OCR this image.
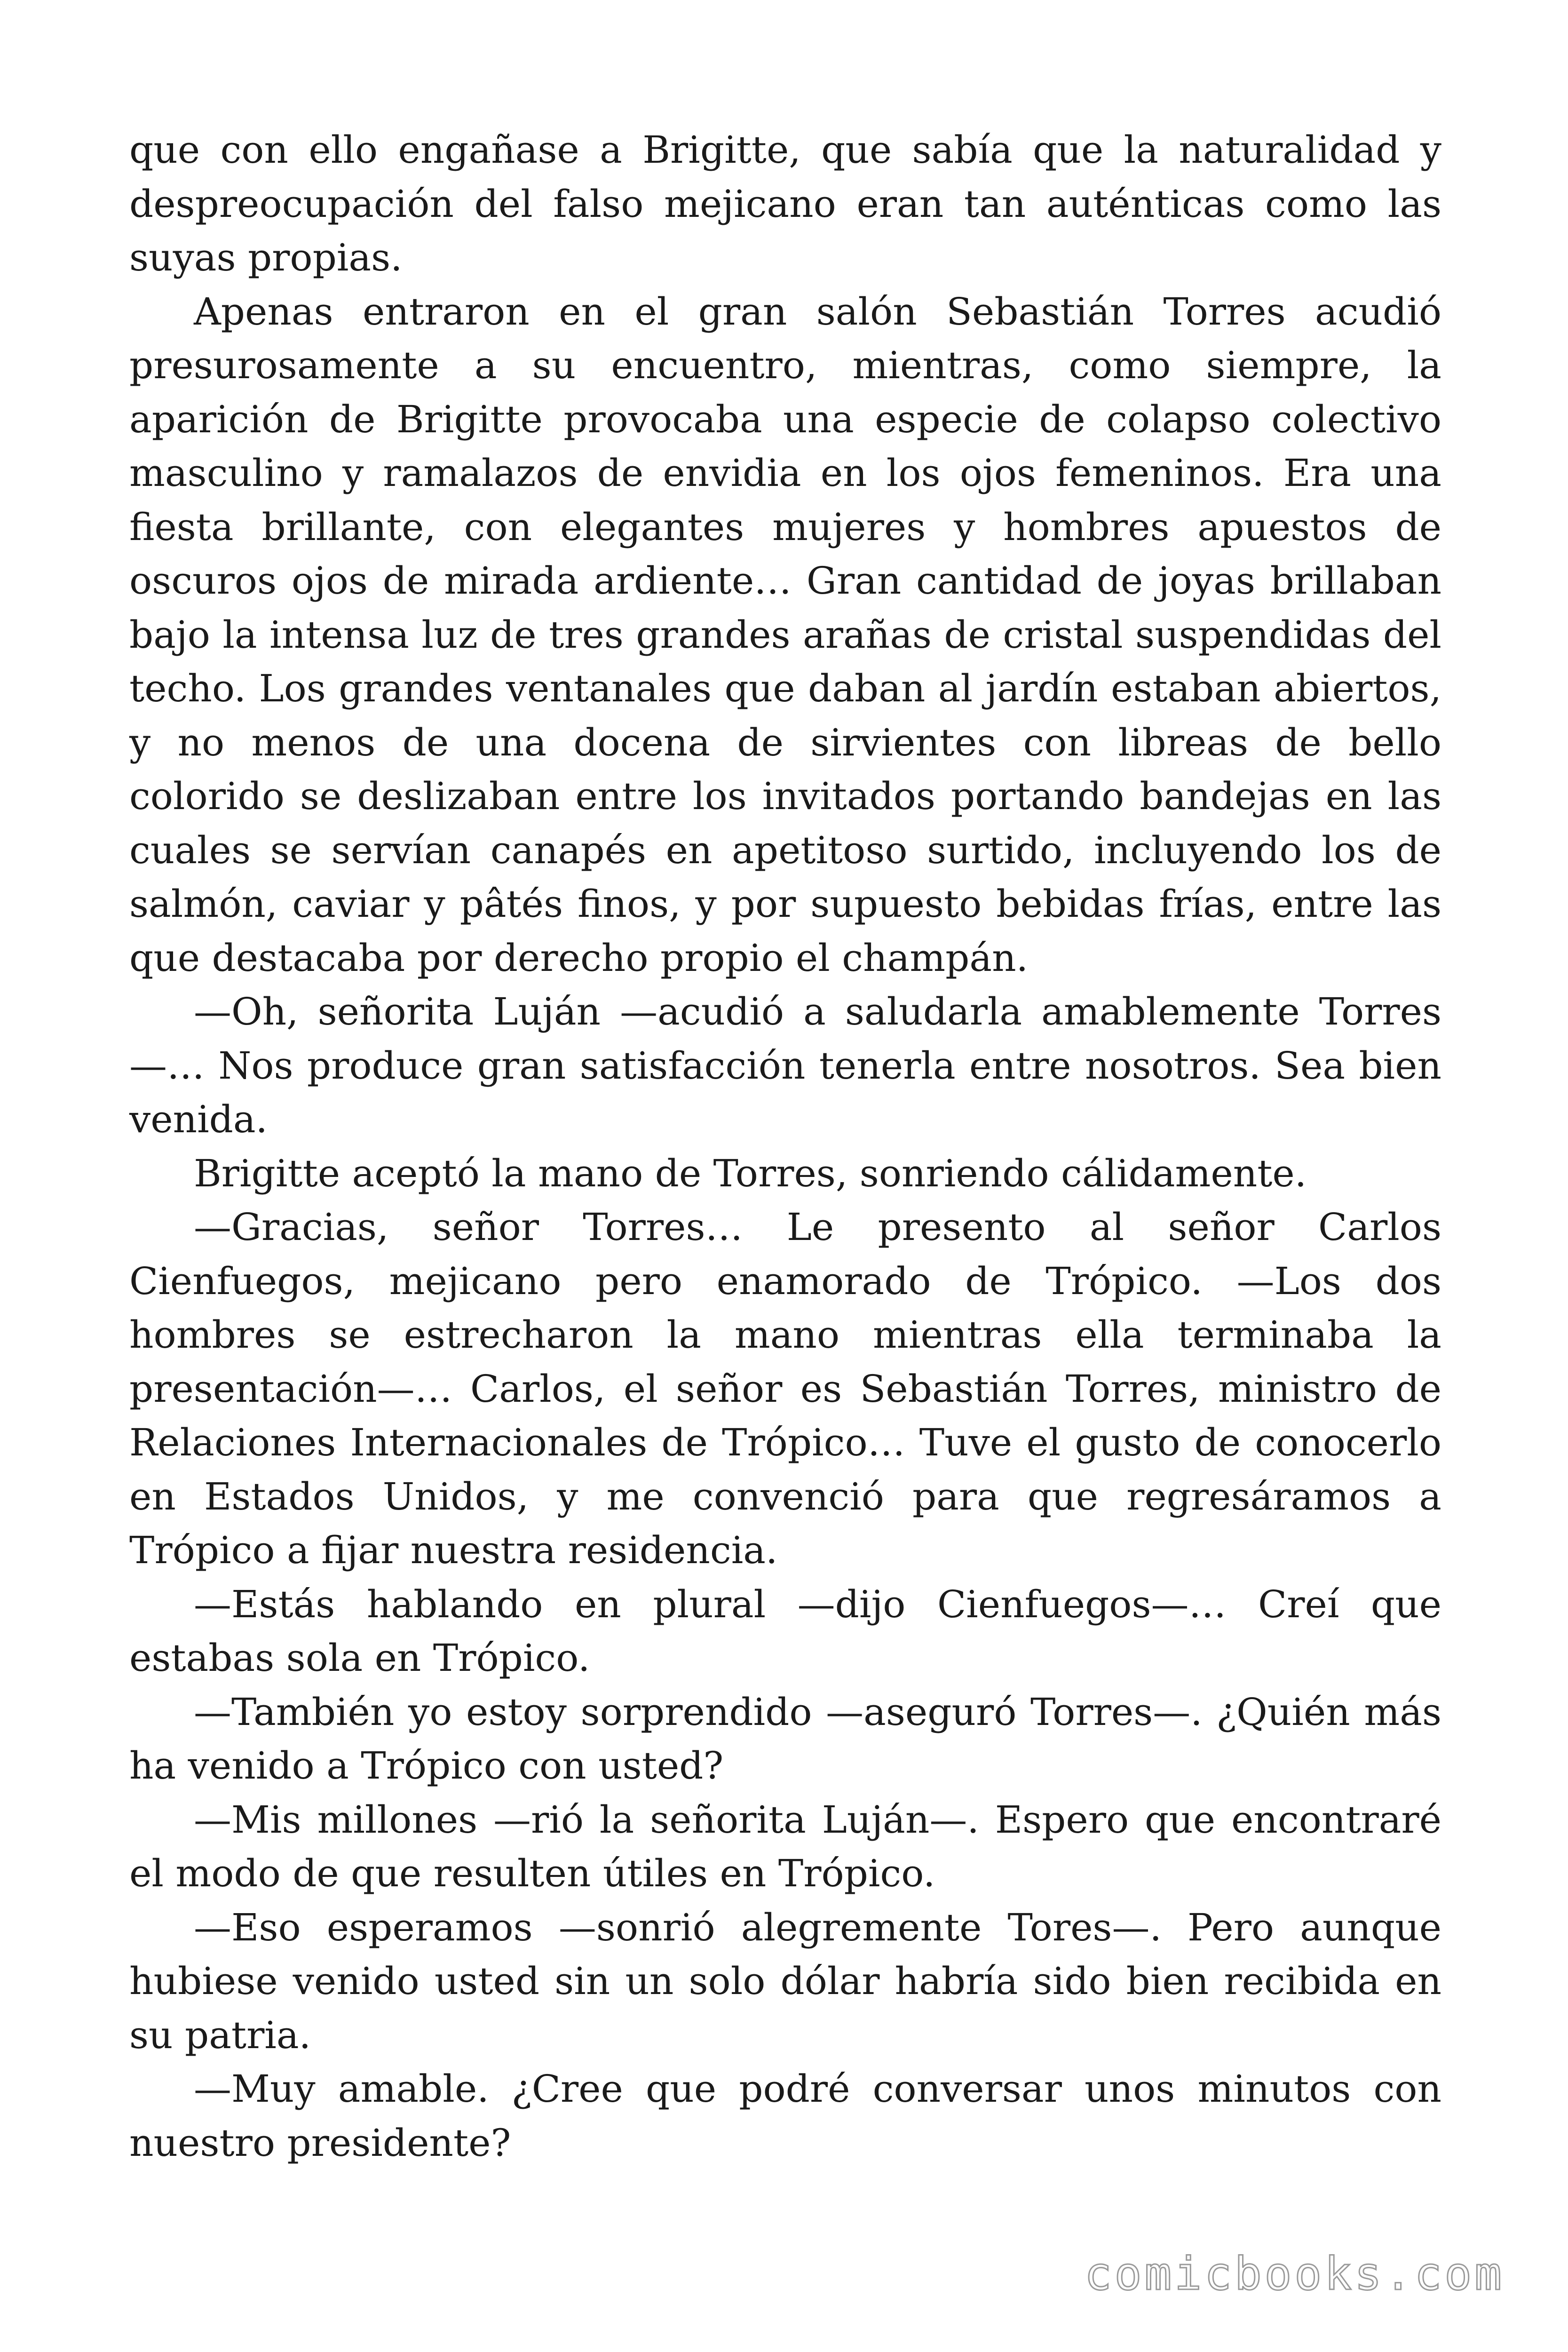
que con ello engañase a Brigitte, que sabía que la naturalidad y despreocupación del falso mejicano eran tan auténticas como las suyas propias.

Apenas entraron en el gran salón Sebastián Torres acudió presurosamente a su encuentro, mientras, como siempre, la aparición de Brigitte provocaba una especie de colapso colectivo masculino y ramalazos de envidia en los ojos femeninos. Era una fiesta brillante, con elegantes mujeres y hombres apuestos de oscuros ojos de mirada ardiente… Gran cantidad de joyas brillaban bajo la intensa luz de tres grandes arañas de cristal suspendidas del techo. Los grandes ventanales que daban al jardín estaban abiertos, y no menos de una docena de sirvientes con libreas de bello colorido se deslizaban entre los invitados portando bandejas en las cuales se servían canapés en apetitoso surtido, incluyendo los de salmón, caviar y pâtés finos, y por supuesto bebidas frías, entre las que destacaba por derecho propio el champán.

—Oh, señorita Luján —acudió a saludarla amablemente Torres —… Nos produce gran satisfacción tenerla entre nosotros. Sea bien venida.

Brigitte aceptó la mano de Torres, sonriendo cálidamente.

—Gracias, señor Torres… Le presento al señor Carlos Cienfuegos, mejicano pero enamorado de Trópico. —Los dos hombres se estrecharon la mano mientras ella terminaba la presentación—… Carlos, el señor es Sebastián Torres, ministro de Relaciones Internacionales de Trópico… Tuve el gusto de conocerlo en Estados Unidos, y me convenció para que regresáramos a Trópico a fijar nuestra residencia.

—Estás hablando en plural —dijo Cienfuegos—… Creí que estabas sola en Trópico.

—También yo estoy sorprendido —aseguró Torres—. ¿Quién más ha venido a Trópico con usted?

—Mis millones —rió la señorita Luján—. Espero que encontraré el modo de que resulten útiles en Trópico.

—Eso esperamos —sonrió alegremente Tores—. Pero aunque hubiese venido usted sin un solo dólar habría sido bien recibida en su patria.

—Muy amable. ¿Cree que podré conversar unos minutos con nuestro presidente?

comicbooks.com
